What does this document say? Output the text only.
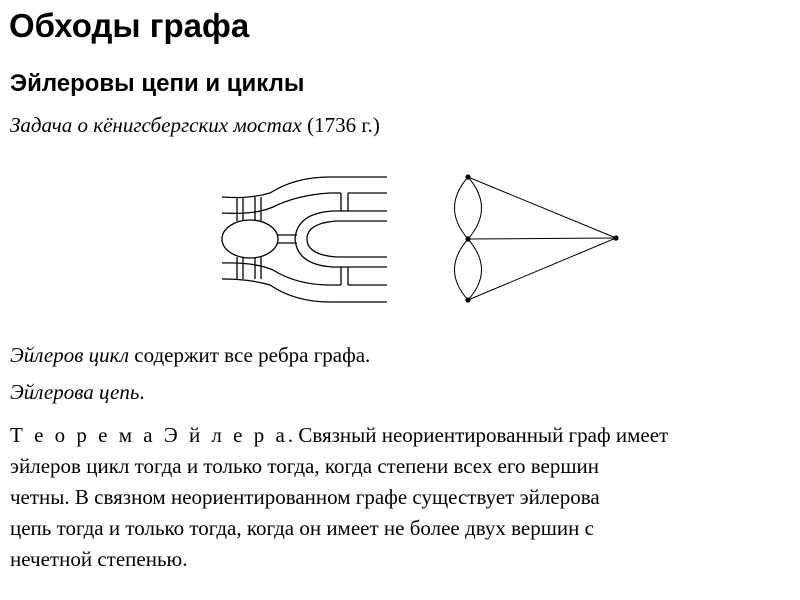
Обходы графа
Эйлеровы цепи и циклы
Задача о кёнигсбергских мостах (1736 г.)
Эйлеров цикл содержит все ребра графа.
Эйлерова цепь.
Т е о р е м а Э й л е р а. Связный неориентированный граф имеет
эйлеров цикл тогда и только тогда, когда степени всех его вершин
четны. В связном неориентированном графе существует эйлерова
цепь тогда и только тогда, когда он имеет не более двух вершин с
нечетной степенью.
